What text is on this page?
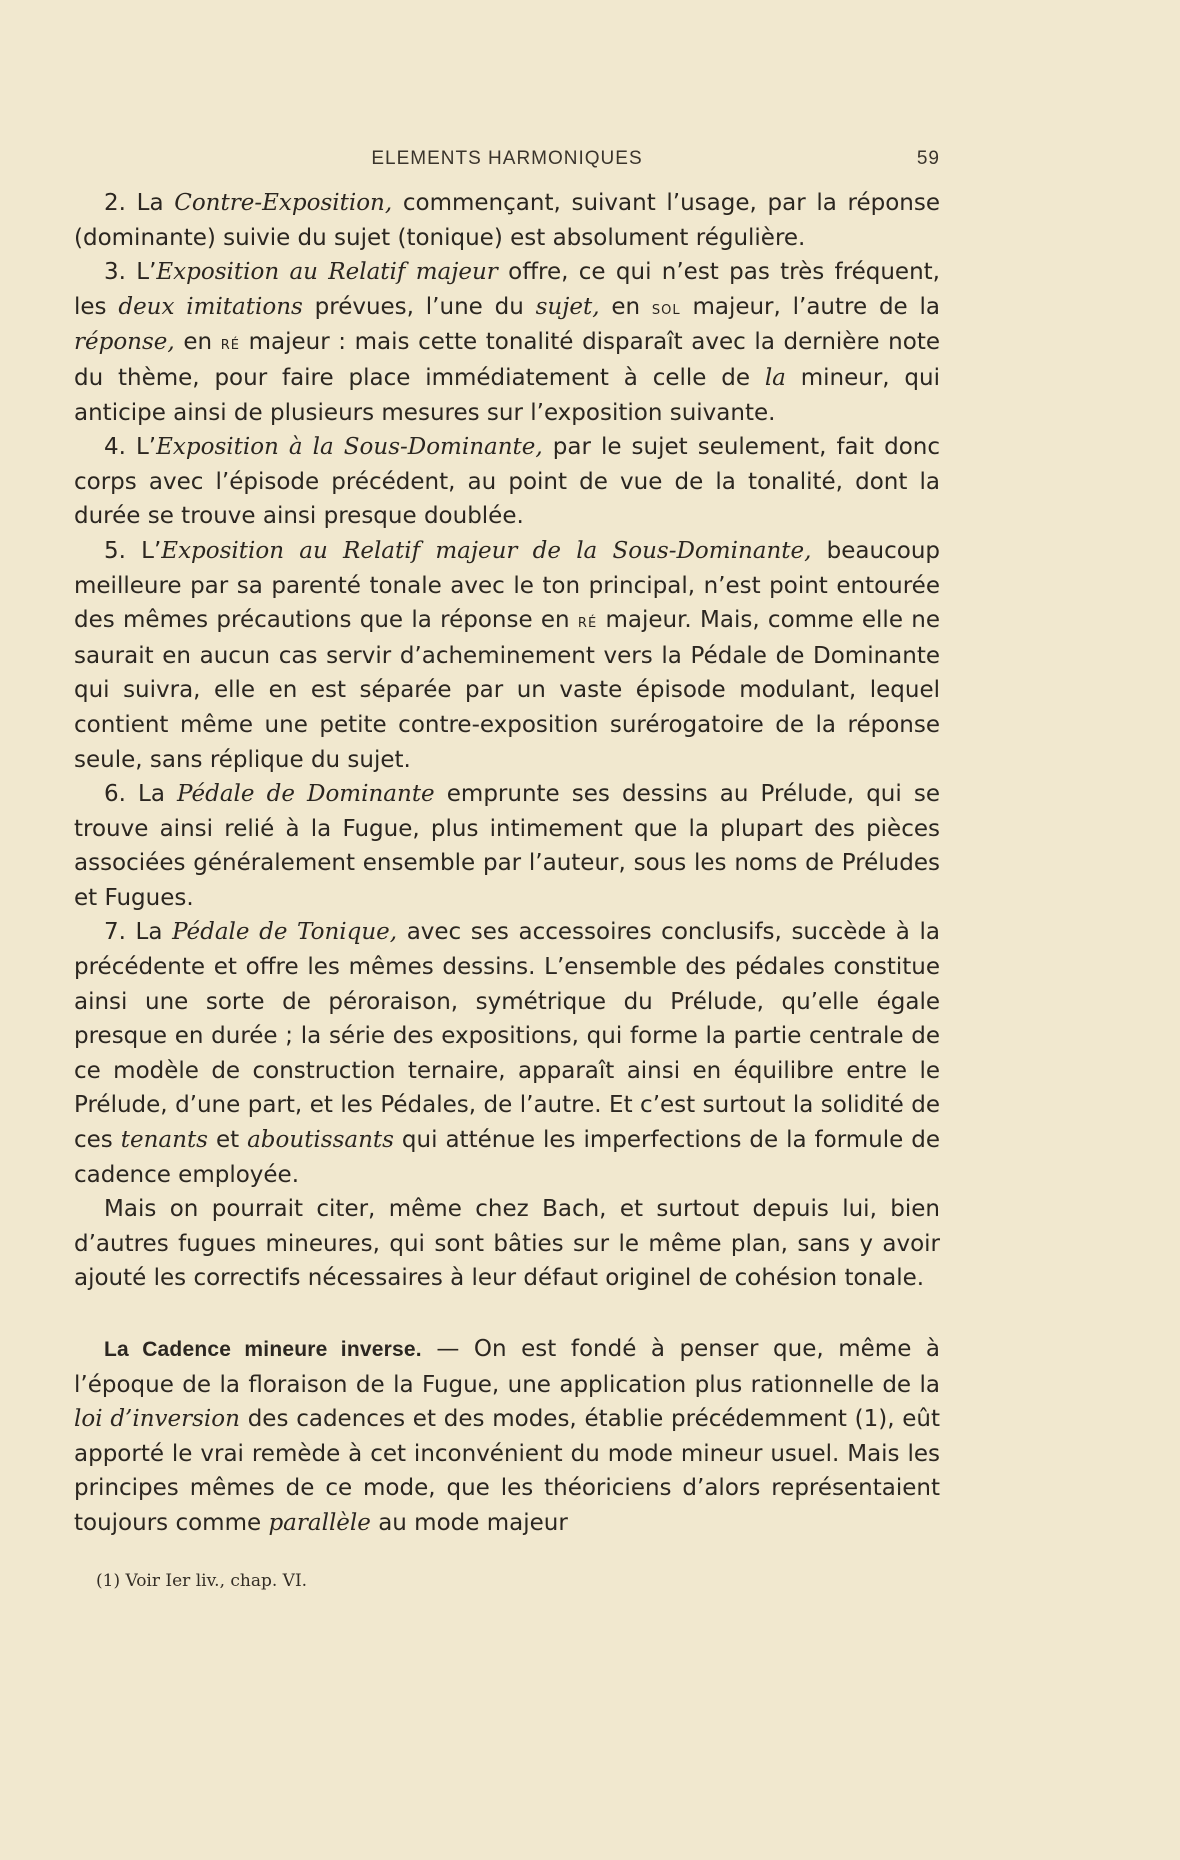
ELEMENTS HARMONIQUES	59

2. La Contre-Exposition, commençant, suivant l’usage, par la réponse (dominante) suivie du sujet (tonique) est absolument régulière.

3. L’Exposition au Relatif majeur offre, ce qui n’est pas très fréquent, les deux imitations prévues, l’une du sujet, en sol majeur, l’autre de la réponse, en ré majeur : mais cette tonalité disparaît avec la dernière note du thème, pour faire place immédiatement à celle de la mineur, qui anticipe ainsi de plusieurs mesures sur l’exposition suivante.

4. L’Exposition à la Sous-Dominante, par le sujet seulement, fait donc corps avec l’épisode précédent, au point de vue de la tonalité, dont la durée se trouve ainsi presque doublée.

5. L’Exposition au Relatif majeur de la Sous-Dominante, beaucoup meilleure par sa parenté tonale avec le ton principal, n’est point entourée des mêmes précautions que la réponse en ré majeur. Mais, comme elle ne saurait en aucun cas servir d’acheminement vers la Pédale de Dominante qui suivra, elle en est séparée par un vaste épisode modulant, lequel contient même une petite contre-exposition surérogatoire de la réponse seule, sans réplique du sujet.

6. La Pédale de Dominante emprunte ses dessins au Prélude, qui se trouve ainsi relié à la Fugue, plus intimement que la plupart des pièces associées généralement ensemble par l’auteur, sous les noms de Préludes et Fugues.

7. La Pédale de Tonique, avec ses accessoires conclusifs, succède à la précédente et offre les mêmes dessins. L’ensemble des pédales constitue ainsi une sorte de péroraison, symétrique du Prélude, qu’elle égale presque en durée ; la série des expositions, qui forme la partie centrale de ce modèle de construction ternaire, apparaît ainsi en équilibre entre le Prélude, d’une part, et les Pédales, de l’autre. Et c’est surtout la solidité de ces tenants et aboutissants qui atténue les imperfections de la formule de cadence employée.

Mais on pourrait citer, même chez Bach, et surtout depuis lui, bien d’autres fugues mineures, qui sont bâties sur le même plan, sans y avoir ajouté les correctifs nécessaires à leur défaut originel de cohésion tonale.

La Cadence mineure inverse. — On est fondé à penser que, même à l’époque de la floraison de la Fugue, une application plus rationnelle de la loi d’inversion des cadences et des modes, établie précédemment (1), eût apporté le vrai remède à cet inconvénient du mode mineur usuel. Mais les principes mêmes de ce mode, que les théoriciens d’alors représentaient toujours comme parallèle au mode majeur

(1) Voir Ier liv., chap. VI.
